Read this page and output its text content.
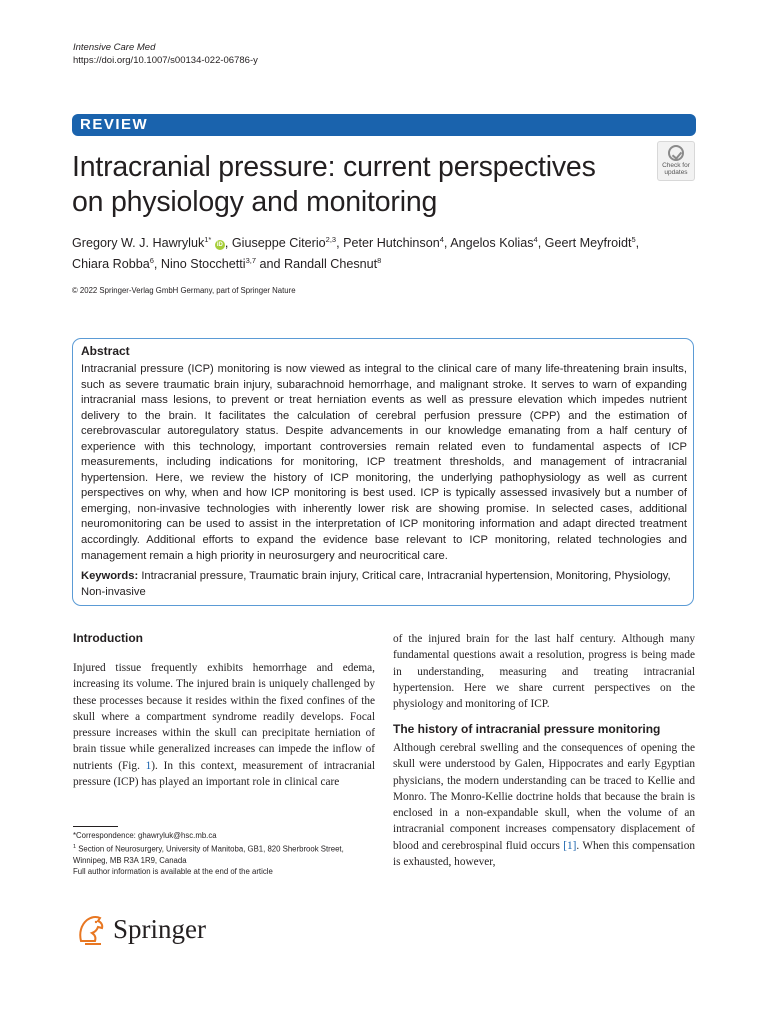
Intensive Care Med
https://doi.org/10.1007/s00134-022-06786-y
REVIEW
Intracranial pressure: current perspectives
on physiology and monitoring
Check for
updates
Gregory W. J. Hawryluk$^{1*}$ iD , Giuseppe Citerio$^{2,3}$, Peter Hutchinson$^4$, Angelos Kolias$^4$, Geert Meyfroidt$^5$,
Chiara Robba$^6$, Nino Stocchetti$^{3,7}$ and Randall Chesnut$^8$
© 2022 Springer-Verlag GmbH Germany, part of Springer Nature
Abstract
Intracranial pressure (ICP) monitoring is now viewed as integral to the clinical care of many life-threatening brain insults, such as severe traumatic brain injury, subarachnoid hemorrhage, and malignant stroke. It serves to warn of expanding intracranial mass lesions, to prevent or treat herniation events as well as pressure elevation which impedes nutrient delivery to the brain. It facilitates the calculation of cerebral perfusion pressure (CPP) and the estimation of cerebrovascular autoregulatory status. Despite advancements in our knowledge emanating from a half century of experience with this technology, important controversies remain related even to fundamental aspects of ICP measurements, including indications for monitoring, ICP treatment thresholds, and management of intracranial hypertension. Here, we review the history of ICP monitoring, the underlying pathophysiology as well as current perspectives on why, when and how ICP monitoring is best used. ICP is typically assessed invasively but a number of emerging, non-invasive technologies with inherently lower risk are showing promise. In selected cases, additional neuromonitoring can be used to assist in the interpretation of ICP monitoring information and adapt directed treatment accordingly. Additional efforts to expand the evidence base relevant to ICP monitoring, related technologies and management remain a high priority in neurosurgery and neurocritical care.
Keywords: Intracranial pressure, Traumatic brain injury, Critical care, Intracranial hypertension, Monitoring, Physiology, Non-invasive
Introduction
Injured tissue frequently exhibits hemorrhage and edema, increasing its volume. The injured brain is uniquely challenged by these processes because it resides within the fixed confines of the skull where a compartment syndrome readily develops. Focal pressure increases within the skull can precipitate herniation of brain tissue while generalized increases can impede the inflow of nutrients (Fig. 1). In this context, measurement of intracranial pressure (ICP) has played an important role in clinical care
of the injured brain for the last half century. Although many fundamental questions await a resolution, progress is being made in understanding, measuring and treating intracranial hypertension. Here we share current perspectives on the physiology and monitoring of ICP.
The history of intracranial pressure monitoring
Although cerebral swelling and the consequences of opening the skull were understood by Galen, Hippocrates and early Egyptian physicians, the modern understanding can be traced to Kellie and Monro. The Monro-Kellie doctrine holds that because the brain is enclosed in a non-expandable skull, when the volume of an intracranial component increases compensatory displacement of blood and cerebrospinal fluid occurs [1]. When this compensation is exhausted, however,
*Correspondence: ghawryluk@hsc.mb.ca
$^1$ Section of Neurosurgery, University of Manitoba, GB1, 820 Sherbrook Street, Winnipeg, MB R3A 1R9, Canada
Full author information is available at the end of the article
Springer
